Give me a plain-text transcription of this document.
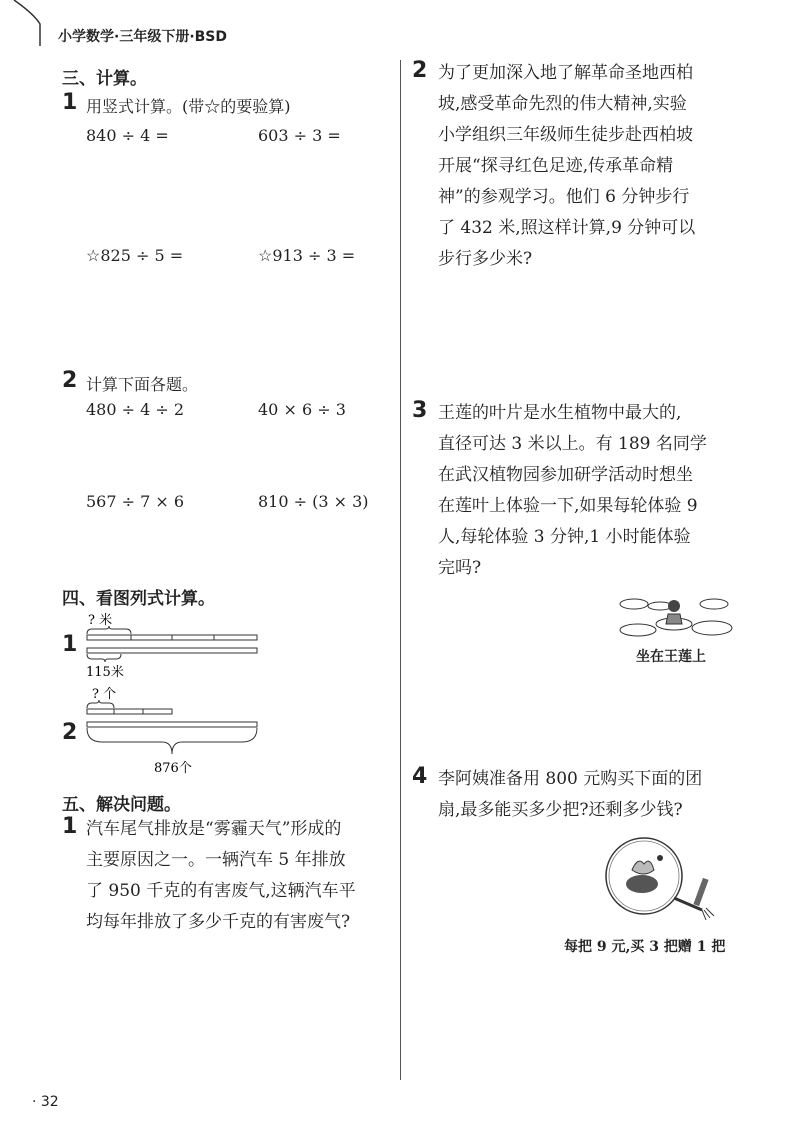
小学数学·三年级下册·BSD
三、计算。
1 用竖式计算。(带☆的要验算)
840 ÷ 4 =	603 ÷ 3 =
☆825 ÷ 5 =	☆913 ÷ 3 =
2 计算下面各题。
480 ÷ 4 ÷ 2	40 × 6 ÷ 3
567 ÷ 7 × 6	810 ÷ (3 × 3)
四、看图列式计算。
1
? 米
115米
2
? 个
876个
五、解决问题。
1 汽车尾气排放是“雾霾天气”形成的
主要原因之一。一辆汽车 5 年排放
了 950 千克的有害废气,这辆汽车平
均每年排放了多少千克的有害废气?
2 为了更加深入地了解革命圣地西柏
坡,感受革命先烈的伟大精神,实验
小学组织三年级师生徒步赴西柏坡
开展“探寻红色足迹,传承革命精
神”的参观学习。他们 6 分钟步行
了 432 米,照这样计算,9 分钟可以
步行多少米?
3 王莲的叶片是水生植物中最大的,
直径可达 3 米以上。有 189 名同学
在武汉植物园参加研学活动时想坐
在莲叶上体验一下,如果每轮体验 9
人,每轮体验 3 分钟,1 小时能体验
完吗?
坐在王莲上
4 李阿姨准备用 800 元购买下面的团
扇,最多能买多少把?还剩多少钱?
每把 9 元,买 3 把赠 1 把
· 32
